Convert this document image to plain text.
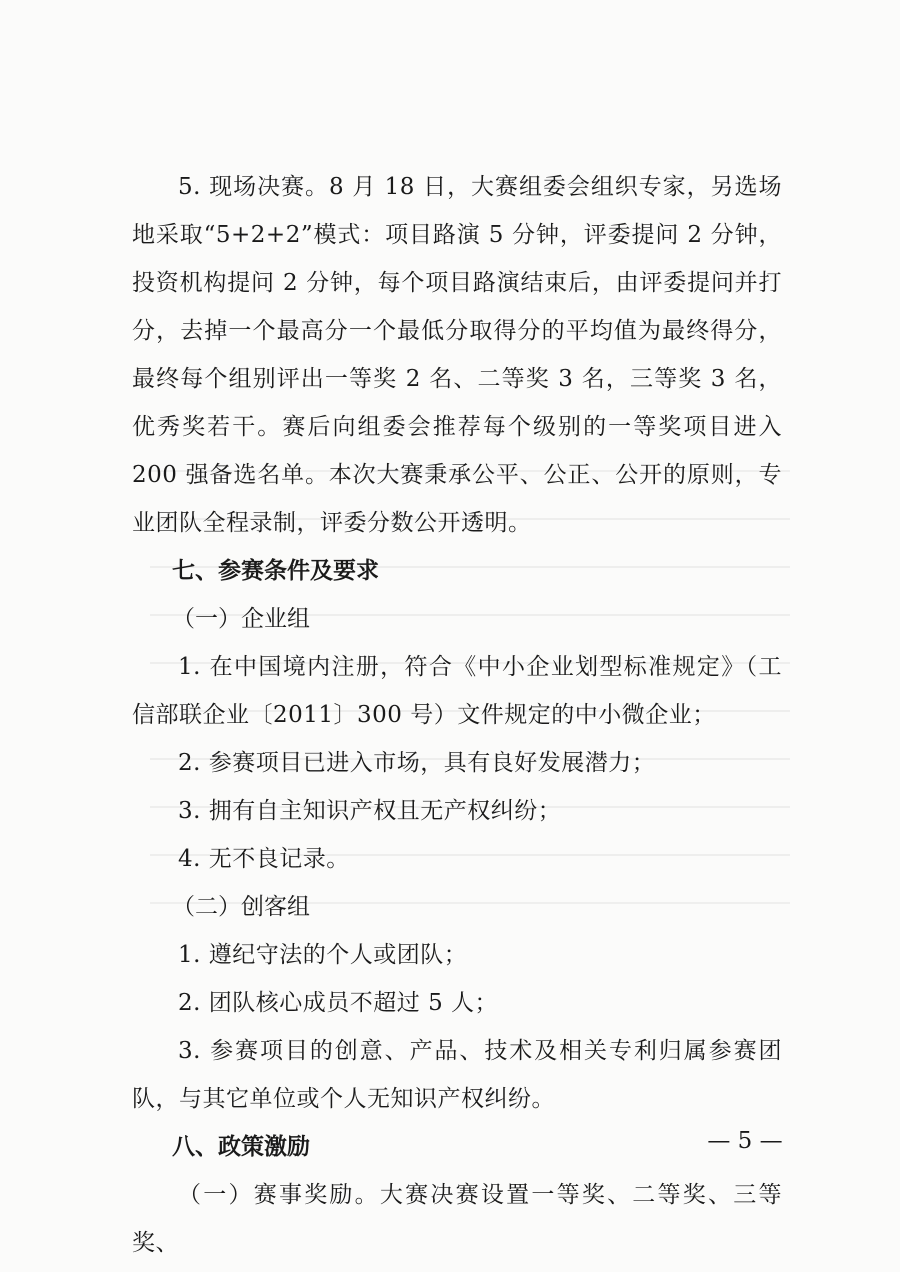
5. 现场决赛。8 月 18 日，大赛组委会组织专家，另选场地采取“5+2+2”模式：项目路演 5 分钟，评委提问 2 分钟，投资机构提问 2 分钟，每个项目路演结束后，由评委提问并打分，去掉一个最高分一个最低分取得分的平均值为最终得分，最终每个组别评出一等奖 2 名、二等奖 3 名，三等奖 3 名，优秀奖若干。赛后向组委会推荐每个级别的一等奖项目进入 200 强备选名单。本次大赛秉承公平、公正、公开的原则，专业团队全程录制，评委分数公开透明。

七、参赛条件及要求

（一）企业组

1. 在中国境内注册，符合《中小企业划型标准规定》（工信部联企业〔2011〕300 号）文件规定的中小微企业；

2. 参赛项目已进入市场，具有良好发展潜力；

3. 拥有自主知识产权且无产权纠纷；

4. 无不良记录。

（二）创客组

1. 遵纪守法的个人或团队；

2. 团队核心成员不超过 5 人；

3. 参赛项目的创意、产品、技术及相关专利归属参赛团队，与其它单位或个人无知识产权纠纷。

八、政策激励

（一）赛事奖励。大赛决赛设置一等奖、二等奖、三等奖、

— 5 —
